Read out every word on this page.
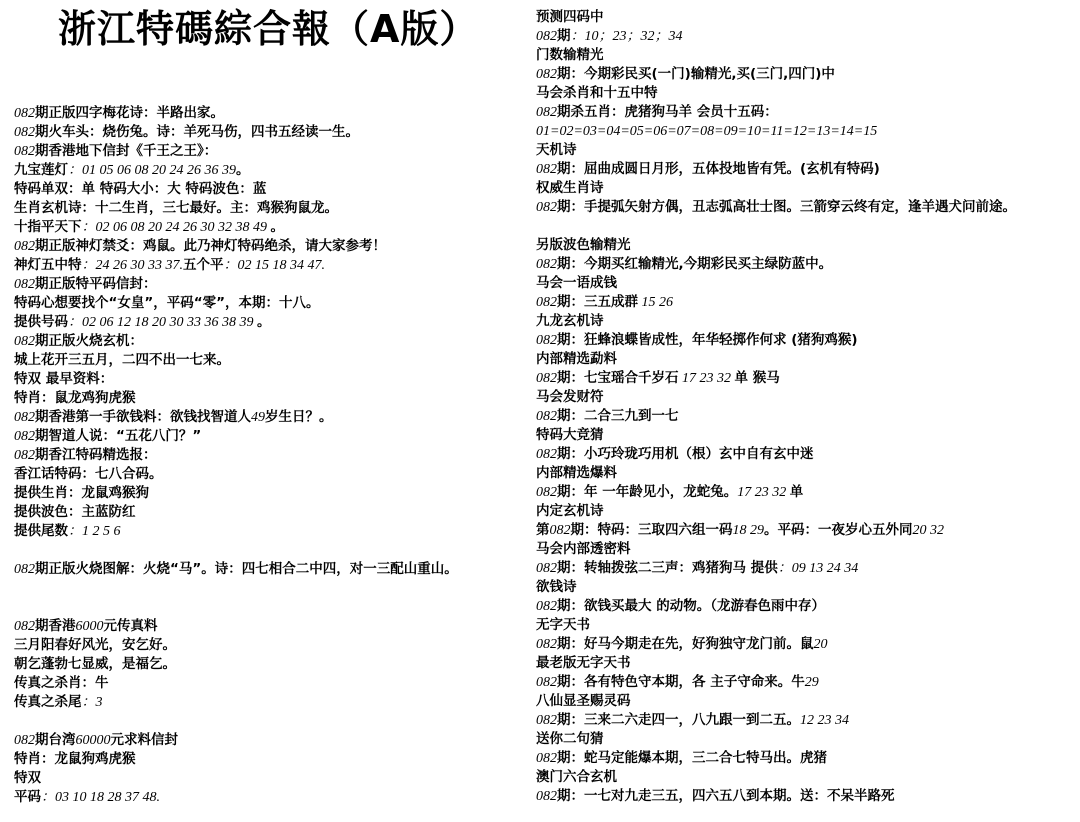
浙江特碼綜合報（A版）
082期正版四字梅花诗：半路出家。
082期火车头：烧伤兔。诗：羊死马伤，四书五经读一生。
082期香港地下信封《千王之王》：
九宝莲灯：01 05 06 08 20 24 26 36 39。
特码单双：单 特码大小：大 特码波色：蓝
生肖玄机诗：十二生肖，三七最好。主：鸡猴狗鼠龙。
十指平天下：02 06 08 20 24 26 30 32 38 49 。
082期正版神灯禁爻：鸡鼠。此乃神灯特码绝杀，请大家参考！
神灯五中特：24 26 30 33 37.五个平：02 15 18 34 47.
082期正版特平码信封：
特码心想要找个“女皇”，平码“零”，本期：十八。
提供号码：02 06 12 18 20 30 33 36 38 39 。
082期正版火烧玄机：
城上花开三五月，二四不出一七来。
特双 最早资料：
特肖：鼠龙鸡狗虎猴
082期香港第一手欲钱料：欲钱找智道人49岁生日？。
082期智道人说：“五花八门？”
082期香江特码精选报：
香江话特码：七八合码。
提供生肖：龙鼠鸡猴狗
提供波色：主蓝防红
提供尾数：1 2 5 6
082期正版火烧图解：火烧“马”。诗：四七相合二中四，对一三配山重山。
082期香港6000元传真料
三月阳春好风光，安乞好。
朝乞蓬勃七显威，是福乞。
传真之杀肖：牛
传真之杀尾：3
082期台湾60000元求料信封
特肖：龙鼠狗鸡虎猴
特双
平码：03 10 18 28 37 48.
预测四码中
082期：10；23；32；34
门数输精光
082期：今期彩民买(一门)输精光,买(三门,四门)中
马会杀肖和十五中特
082期杀五肖：虎猪狗马羊 会员十五码：
01=02=03=04=05=06=07=08=09=10=11=12=13=14=15
天机诗
082期：屈曲成圆日月形，五体投地皆有凭。(玄机有特码)
权威生肖诗
082期：手提弧矢射方偶，丑志弧高壮士图。三箭穿云终有定，逢羊遇犬问前途。
另版波色输精光
082期：今期买红输精光,今期彩民买主绿防蓝中。
马会一语成钱
082期：三五成群 15 26
九龙玄机诗
082期：狂蜂浪蝶皆成性，年华轻掷作何求 (猪狗鸡猴)
内部精选勐料
082期：七宝瑶合千岁石 17 23 32 单 猴马
马会发财符
082期：二合三九到一七
特码大竞猜
082期：小巧玲珑巧用机（根）玄中自有玄中迷
内部精选爆料
082期：年 一年龄见小，龙蛇兔。17 23 32 单
内定玄机诗
第082期：特码：三取四六组一码18 29。平码：一夜岁心五外同20 32
马会内部透密料
082期：转轴拨弦二三声：鸡猪狗马 提供：09 13 24 34
欲钱诗
082期：欲钱买最大 的动物。（龙游春色雨中存）
无字天书
082期：好马今期走在先，好狗独守龙门前。鼠20
最老版无字天书
082期：各有特色守本期，各 主子守命来。牛29
八仙显圣赐灵码
082期：三来二六走四一，八九跟一到二五。12 23 34
送你二句猜
082期：蛇马定能爆本期，三二合七特马出。虎猪
澳门六合玄机
082期：一七对九走三五，四六五八到本期。送：不呆半路死
